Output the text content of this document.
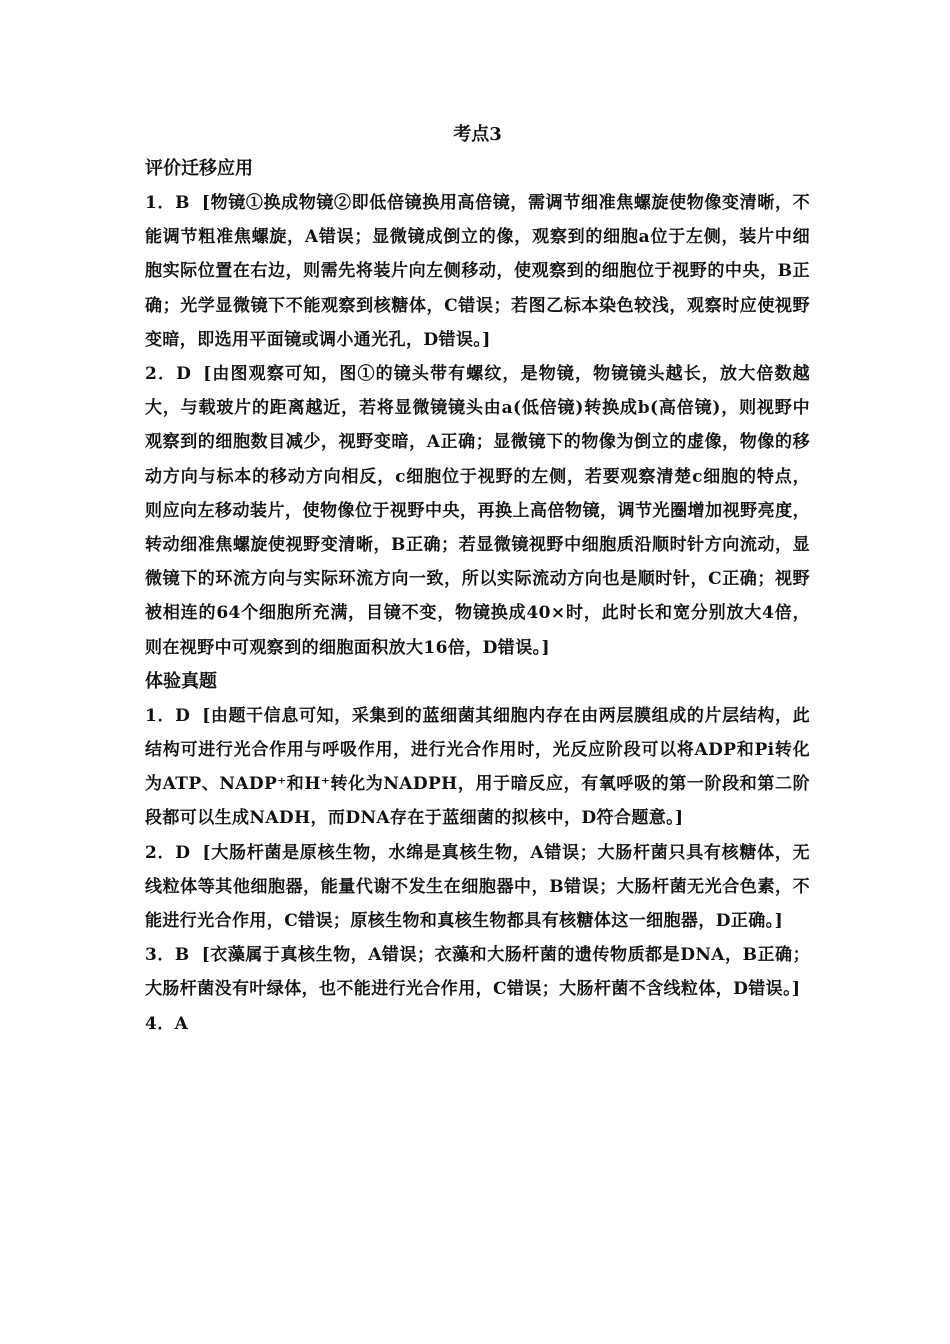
考点3

评价迁移应用

1．B [物镜①换成物镜②即低倍镜换用高倍镜，需调节细准焦螺旋使物像变清晰，不能调节粗准焦螺旋，A错误；显微镜成倒立的像，观察到的细胞a位于左侧，装片中细胞实际位置在右边，则需先将装片向左侧移动，使观察到的细胞位于视野的中央，B正确；光学显微镜下不能观察到核糖体，C错误；若图乙标本染色较浅，观察时应使视野变暗，即选用平面镜或调小通光孔，D错误。]

2．D [由图观察可知，图①的镜头带有螺纹，是物镜，物镜镜头越长，放大倍数越大，与载玻片的距离越近，若将显微镜镜头由a(低倍镜)转换成b(高倍镜)，则视野中观察到的细胞数目减少，视野变暗，A正确；显微镜下的物像为倒立的虚像，物像的移动方向与标本的移动方向相反，c细胞位于视野的左侧，若要观察清楚c细胞的特点，则应向左移动装片，使物像位于视野中央，再换上高倍物镜，调节光圈增加视野亮度，转动细准焦螺旋使视野变清晰，B正确；若显微镜视野中细胞质沿顺时针方向流动，显微镜下的环流方向与实际环流方向一致，所以实际流动方向也是顺时针，C正确；视野被相连的64个细胞所充满，目镜不变，物镜换成40×时，此时长和宽分别放大4倍，则在视野中可观察到的细胞面积放大16倍，D错误。]

体验真题

1．D [由题干信息可知，采集到的蓝细菌其细胞内存在由两层膜组成的片层结构，此结构可进行光合作用与呼吸作用，进行光合作用时，光反应阶段可以将ADP和Pi转化为ATP、NADP⁺和H⁺转化为NADPH，用于暗反应，有氧呼吸的第一阶段和第二阶段都可以生成NADH，而DNA存在于蓝细菌的拟核中，D符合题意。]

2．D [大肠杆菌是原核生物，水绵是真核生物，A错误；大肠杆菌只具有核糖体，无线粒体等其他细胞器，能量代谢不发生在细胞器中，B错误；大肠杆菌无光合色素，不能进行光合作用，C错误；原核生物和真核生物都具有核糖体这一细胞器，D正确。]

3．B [衣藻属于真核生物，A错误；衣藻和大肠杆菌的遗传物质都是DNA，B正确；大肠杆菌没有叶绿体，也不能进行光合作用，C错误；大肠杆菌不含线粒体，D错误。]

4．A
